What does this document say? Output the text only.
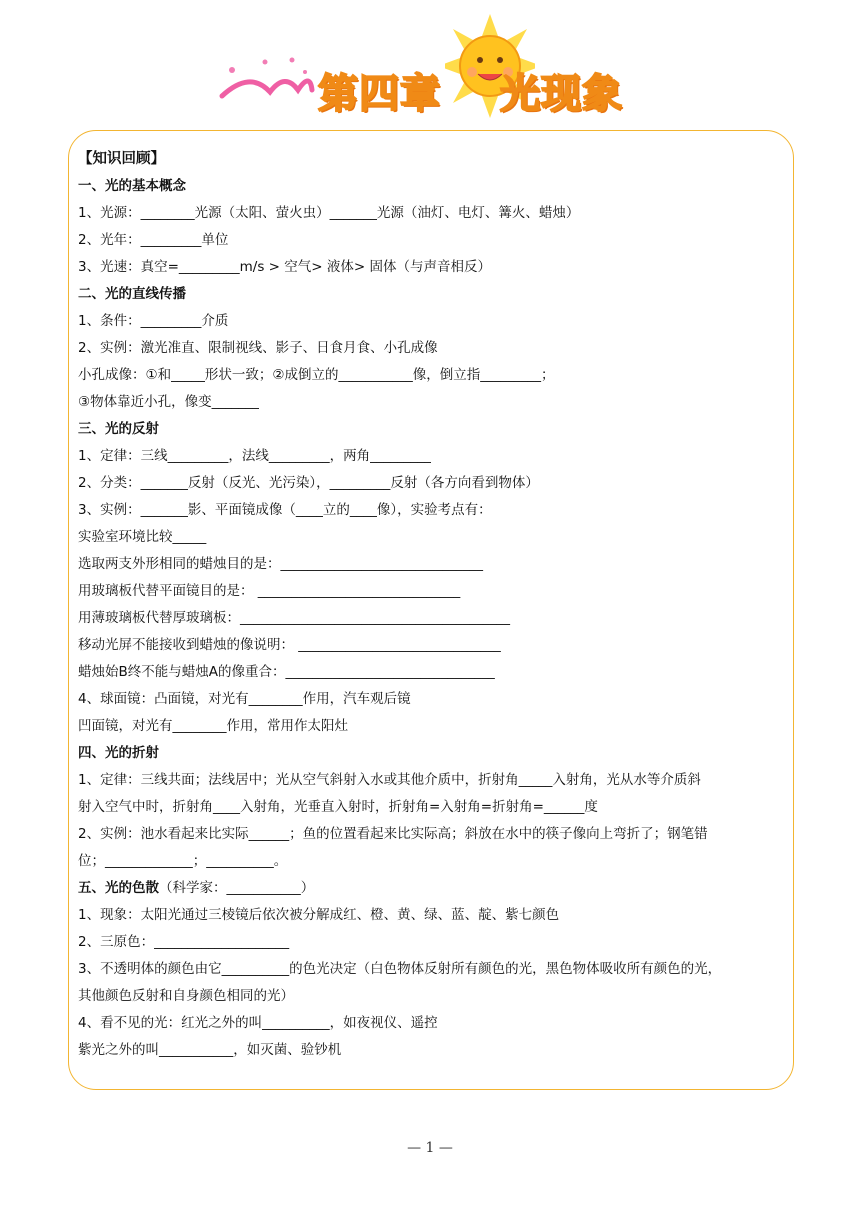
第四章 光现象
【知识回顾】
一、光的基本概念
1、光源：________光源（太阳、萤火虫）_______光源（油灯、电灯、篝火、蜡烛）
2、光年：_________单位
3、光速：真空=_________m/s > 空气> 液体> 固体（与声音相反）
二、光的直线传播
1、条件：_________介质
2、实例：激光准直、限制视线、影子、日食月食、小孔成像
小孔成像：①和_____形状一致；②成倒立的___________像，倒立指_________；
③物体靠近小孔，像变_______
三、光的反射
1、定律：三线_________，法线_________，两角_________
2、分类：_______反射（反光、光污染），_________反射（各方向看到物体）
3、实例：_______影、平面镜成像（____立的____像），实验考点有：
实验室环境比较_____
选取两支外形相同的蜡烛目的是：______________________________
用玻璃板代替平面镜目的是： ______________________________
用薄玻璃板代替厚玻璃板：________________________________________
移动光屏不能接收到蜡烛的像说明： ______________________________
蜡烛始B终不能与蜡烛A的像重合：_______________________________
4、球面镜：凸面镜，对光有________作用，汽车观后镜
凹面镜，对光有________作用，常用作太阳灶
四、光的折射
1、定律：三线共面；法线居中；光从空气斜射入水或其他介质中，折射角_____入射角，光从水等介质斜
射入空气中时，折射角____入射角，光垂直入射时，折射角=入射角=折射角=______度
2、实例：池水看起来比实际______；鱼的位置看起来比实际高；斜放在水中的筷子像向上弯折了；钢笔错
位；_____________；__________。
五、光的色散（科学家：___________）
1、现象：太阳光通过三棱镜后依次被分解成红、橙、黄、绿、蓝、靛、紫七颜色
2、三原色：____________________
3、不透明体的颜色由它__________的色光决定（白色物体反射所有颜色的光，黑色物体吸收所有颜色的光，
其他颜色反射和自身颜色相同的光）
4、看不见的光：红光之外的叫__________，如夜视仪、遥控
紫光之外的叫___________，如灭菌、验钞机
— 1 —
